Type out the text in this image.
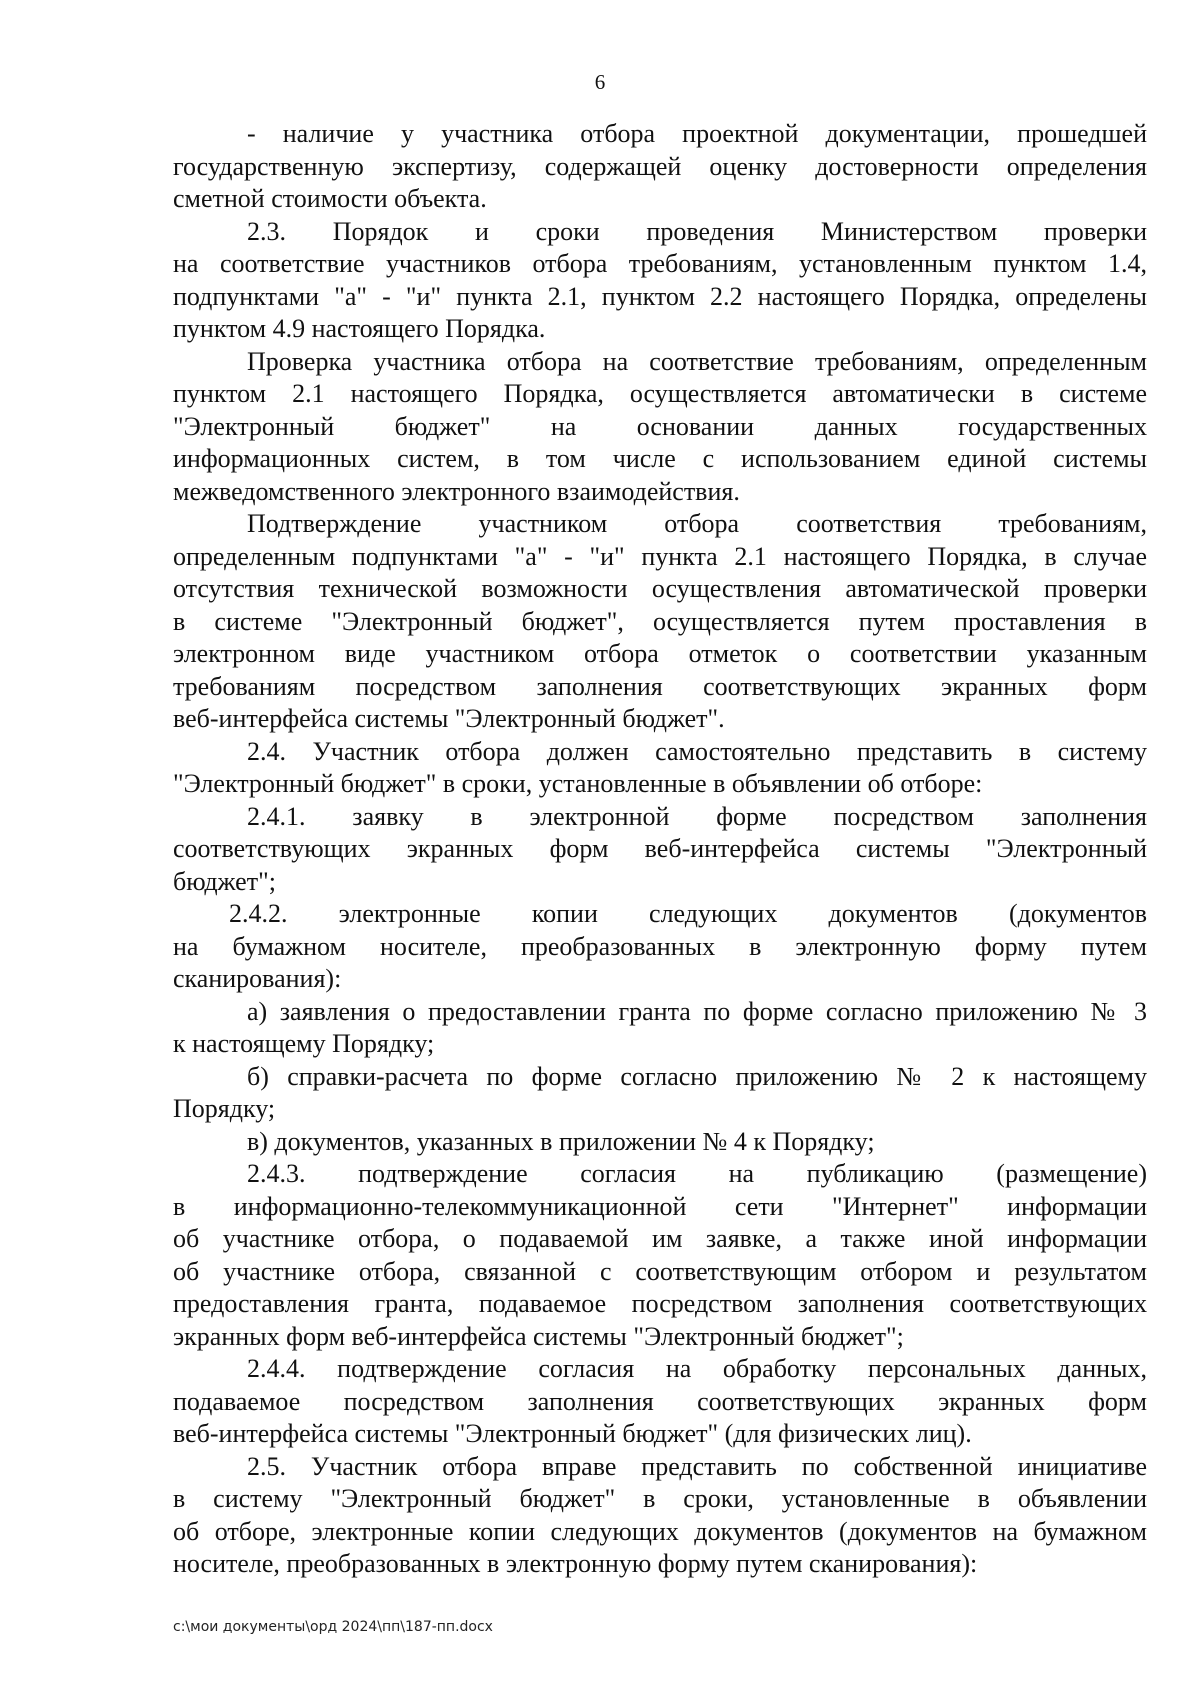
6
- наличие у участника отбора проектной документации, прошедшей
государственную экспертизу, содержащей оценку достоверности определения
сметной стоимости объекта.
2.3. Порядок и сроки проведения Министерством проверки
на соответствие участников отбора требованиям, установленным пунктом 1.4,
подпунктами "а" - "и" пункта 2.1, пунктом 2.2 настоящего Порядка, определены
пунктом 4.9 настоящего Порядка.
Проверка участника отбора на соответствие требованиям, определенным
пунктом 2.1 настоящего Порядка, осуществляется автоматически в системе
"Электронный бюджет" на основании данных государственных
информационных систем, в том числе с использованием единой системы
межведомственного электронного взаимодействия.
Подтверждение участником отбора соответствия требованиям,
определенным подпунктами "а" - "и" пункта 2.1 настоящего Порядка, в случае
отсутствия технической возможности осуществления автоматической проверки
в системе "Электронный бюджет", осуществляется путем проставления в
электронном виде участником отбора отметок о соответствии указанным
требованиям посредством заполнения соответствующих экранных форм
веб-интерфейса системы "Электронный бюджет".
2.4. Участник отбора должен самостоятельно представить в систему
"Электронный бюджет" в сроки, установленные в объявлении об отборе:
2.4.1. заявку в электронной форме посредством заполнения
соответствующих экранных форм веб-интерфейса системы "Электронный
бюджет";
2.4.2. электронные копии следующих документов (документов
на бумажном носителе, преобразованных в электронную форму путем
сканирования):
а) заявления о предоставлении гранта по форме согласно приложению № 3
к настоящему Порядку;
б) справки-расчета по форме согласно приложению № 2 к настоящему
Порядку;
в) документов, указанных в приложении № 4 к Порядку;
2.4.3. подтверждение согласия на публикацию (размещение)
в информационно-телекоммуникационной сети "Интернет" информации
об участнике отбора, о подаваемой им заявке, а также иной информации
об участнике отбора, связанной с соответствующим отбором и результатом
предоставления гранта, подаваемое посредством заполнения соответствующих
экранных форм веб-интерфейса системы "Электронный бюджет";
2.4.4. подтверждение согласия на обработку персональных данных,
подаваемое посредством заполнения соответствующих экранных форм
веб-интерфейса системы "Электронный бюджет" (для физических лиц).
2.5. Участник отбора вправе представить по собственной инициативе
в систему "Электронный бюджет" в сроки, установленные в объявлении
об отборе, электронные копии следующих документов (документов на бумажном
носителе, преобразованных в электронную форму путем сканирования):
c:\мои документы\орд 2024\пп\187-пп.docx
